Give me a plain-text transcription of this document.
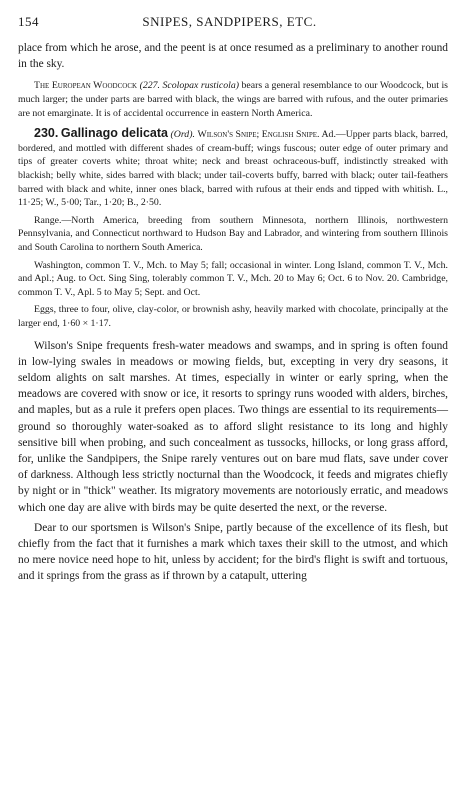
154	SNIPES, SANDPIPERS, ETC.

place from which he arose, and the peent is at once resumed as a preliminary to another round in the sky.

The European Woodcock (227. Scolopax rusticola) bears a general resemblance to our Woodcock, but is much larger; the under parts are barred with black, the wings are barred with rufous, and the outer primaries are not emarginate. It is of accidental occurrence in eastern North America.

230. Gallinago delicata (Ord). Wilson's Snipe; English Snipe. Ad.—Upper parts black, barred, bordered, and mottled with different shades of cream-buff; wings fuscous; outer edge of outer primary and tips of greater coverts white; throat white; neck and breast ochraceous-buff, indistinctly streaked with blackish; belly white, sides barred with black; under tail-coverts buffy, barred with black; outer tail-feathers barred with black and white, inner ones black, barred with rufous at their ends and tipped with whitish. L., 11·25; W., 5·00; Tar., 1·20; B., 2·50.

Range.—North America, breeding from southern Minnesota, northern Illinois, northwestern Pennsylvania, and Connecticut northward to Hudson Bay and Labrador, and wintering from southern Illinois and South Carolina to northern South America.

Washington, common T. V., Mch. to May 5; fall; occasional in winter. Long Island, common T. V., Mch. and Apl.; Aug. to Oct. Sing Sing, tolerably common T. V., Mch. 20 to May 6; Oct. 6 to Nov. 20. Cambridge, common T. V., Apl. 5 to May 5; Sept. and Oct.

Eggs, three to four, olive, clay-color, or brownish ashy, heavily marked with chocolate, principally at the larger end, 1·60 × 1·17.

Wilson's Snipe frequents fresh-water meadows and swamps, and in spring is often found in low-lying swales in meadows or mowing fields, but, excepting in very dry seasons, it seldom alights on salt marshes. At times, especially in winter or early spring, when the meadows are covered with snow or ice, it resorts to springy runs wooded with alders, birches, and maples, but as a rule it prefers open places. Two things are essential to its requirements—ground so thoroughly water-soaked as to afford slight resistance to its long and highly sensitive bill when probing, and such concealment as tussocks, hillocks, or long grass afford, for, unlike the Sandpipers, the Snipe rarely ventures out on bare mud flats, save under cover of darkness. Although less strictly nocturnal than the Woodcock, it feeds and migrates chiefly by night or in "thick" weather. Its migratory movements are notoriously erratic, and meadows which one day are alive with birds may be quite deserted the next, or the reverse.

Dear to our sportsmen is Wilson's Snipe, partly because of the excellence of its flesh, but chiefly from the fact that it furnishes a mark which taxes their skill to the utmost, and which no mere novice need hope to hit, unless by accident; for the bird's flight is swift and tortuous, and it springs from the grass as if thrown by a catapult, uttering
